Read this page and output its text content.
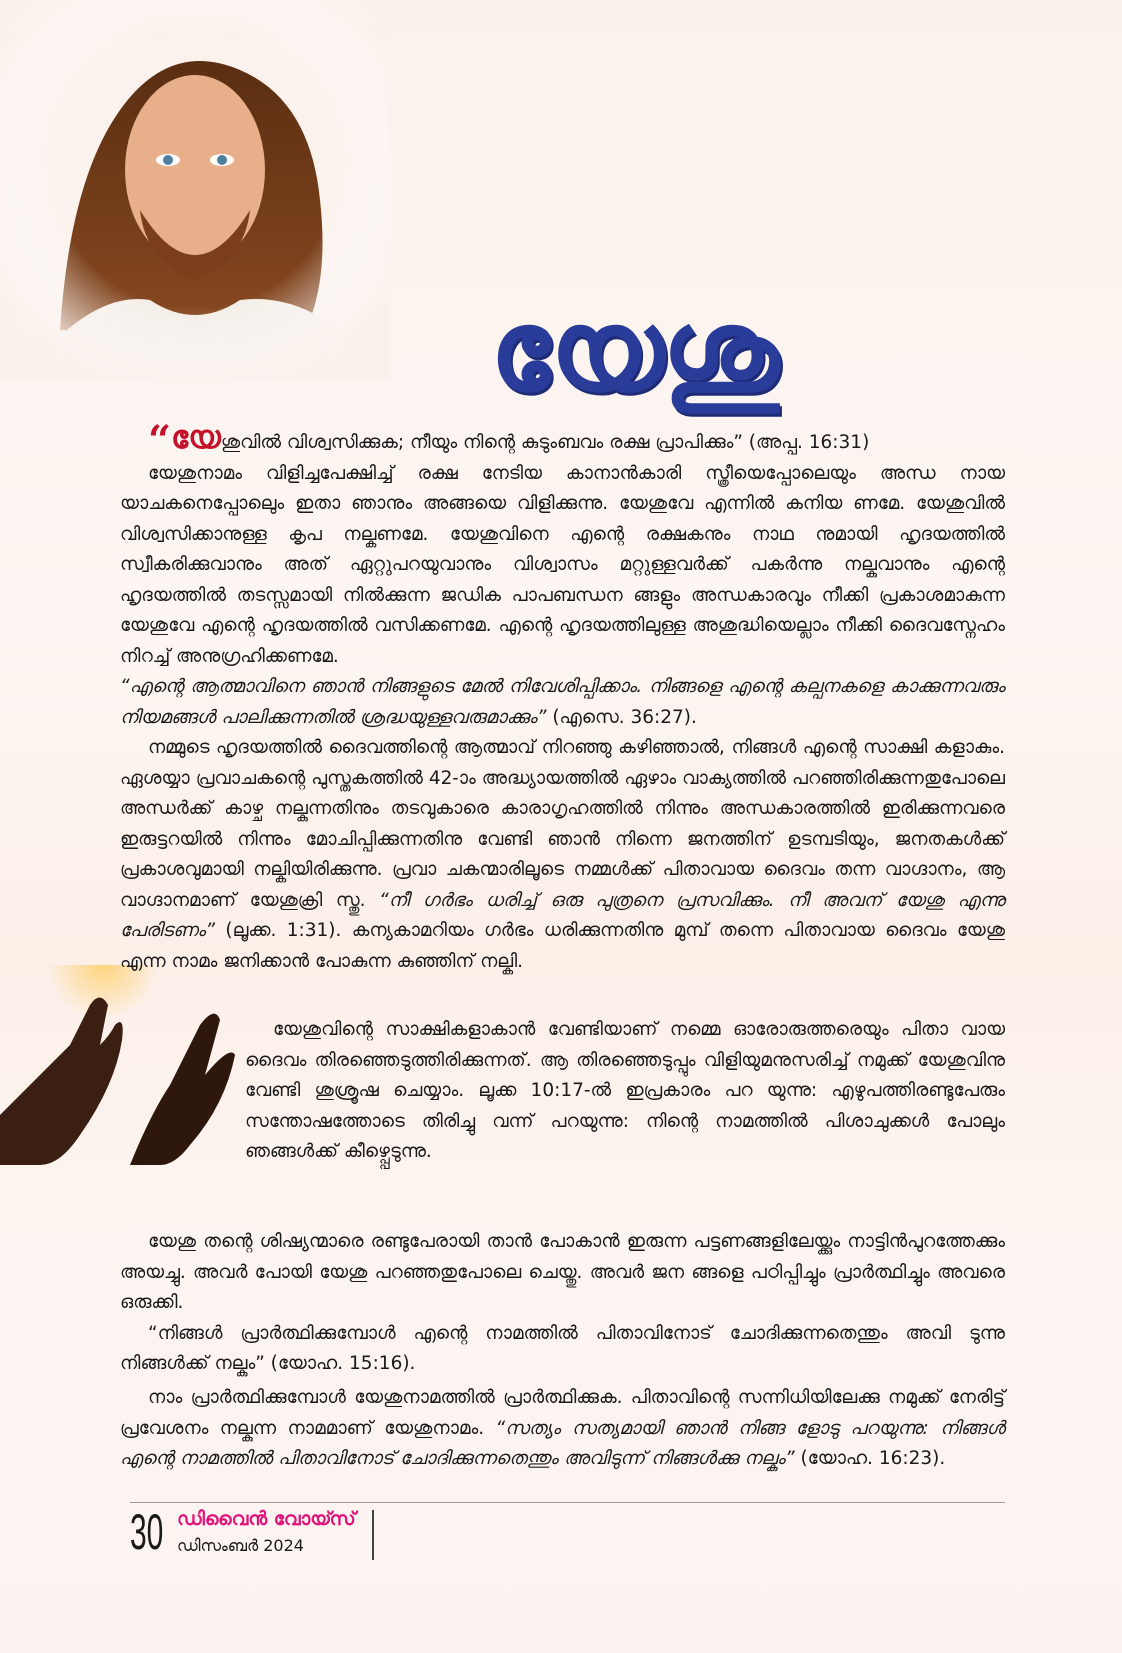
യേശു

“യേശുവിൽ വിശ്വസിക്കുക; നീയും നിന്റെ കുടുംബവം രക്ഷ പ്രാപിക്കും” (അപ്പ. 16:31)

യേശുനാമം വിളിച്ചപേക്ഷിച്ച് രക്ഷ നേടിയ കാനാൻകാരി സ്ത്രീയെപ്പോലെയും അന്ധ നായ യാചകനെപ്പോലെും ഇതാ ഞാനും അങ്ങയെ വിളിക്കുന്നു. യേശുവേ എന്നിൽ കനിയ ണമേ. യേശുവിൽ വിശ്വസിക്കാനുള്ള കൃപ നല്കണമേ. യേശുവിനെ എന്റെ രക്ഷകനും നാഥ നുമായി ഹൃദയത്തിൽ സ്വീകരിക്കുവാനും അത് ഏറ്റുപറയുവാനും വിശ്വാസം മറ്റുള്ളവർക്ക് പകർന്നു നല്കുവാനും എന്റെ ഹൃദയത്തിൽ തടസ്സമായി നിൽക്കുന്ന ജഡിക പാപബന്ധന ങ്ങളും അന്ധകാരവും നീക്കി പ്രകാശമാകുന്ന യേശുവേ എന്റെ ഹൃദയത്തിൽ വസിക്കണമേ. എന്റെ ഹൃദയത്തിലുള്ള അശുദ്ധിയെല്ലാം നീക്കി ദൈവസ്നേഹം നിറച്ച് അനുഗ്രഹിക്കണമേ.

“എന്റെ ആത്മാവിനെ ഞാൻ നിങ്ങളുടെ മേൽ നിവേശിപ്പിക്കാം. നിങ്ങളെ എന്റെ കല്പനകളെ കാക്കുന്നവരും നിയമങ്ങൾ പാലിക്കുന്നതിൽ ശ്രദ്ധയുള്ളവരുമാക്കും” (എസെ. 36:27).

നമ്മുടെ ഹൃദയത്തിൽ ദൈവത്തിന്റെ ആത്മാവ് നിറഞ്ഞു കഴിഞ്ഞാൽ, നിങ്ങൾ എന്റെ സാക്ഷി കളാകും. ഏശയ്യാ പ്രവാചകന്റെ പുസ്തകത്തിൽ 42-ാം അദ്ധ്യായത്തിൽ ഏഴാം വാക്യത്തിൽ പറഞ്ഞിരിക്കുന്നതുപോലെ അന്ധർക്ക് കാഴ്ച നല്കുന്നതിനും തടവുകാരെ കാരാഗൃഹത്തിൽ നിന്നും അന്ധകാരത്തിൽ ഇരിക്കുന്നവരെ ഇരുട്ടറയിൽ നിന്നും മോചിപ്പിക്കുന്നതിനു വേണ്ടി ഞാൻ നിന്നെ ജനത്തിന് ഉടമ്പടിയും, ജനതകൾക്ക് പ്രകാശവുമായി നല്കിയിരിക്കുന്നു. പ്രവാ ചകന്മാരിലൂടെ നമ്മൾക്ക് പിതാവായ ദൈവം തന്ന വാഗ്ദാനം, ആ വാഗ്ദാനമാണ് യേശുക്രി സ്തു. “നീ ഗർഭം ധരിച്ച് ഒരു പുത്രനെ പ്രസവിക്കും. നീ അവന് യേശു എന്നു പേരിടണം” (ലൂക്ക. 1:31). കന്യകാമറിയം ഗർഭം ധരിക്കുന്നതിനു മുമ്പ് തന്നെ പിതാവായ ദൈവം യേശു എന്ന നാമം ജനിക്കാൻ പോകുന്ന കുഞ്ഞിന് നല്കി.

യേശുവിന്റെ സാക്ഷികളാകാൻ വേണ്ടിയാണ് നമ്മെ ഓരോരുത്തരെയും പിതാ വായ ദൈവം തിരഞ്ഞെടുത്തിരിക്കുന്നത്. ആ തിരഞ്ഞെടുപ്പും വിളിയുമനുസരിച്ച് നമുക്ക് യേശുവിനു വേണ്ടി ശുശ്രൂഷ ചെയ്യാം. ലൂക്ക 10:17-ൽ ഇപ്രകാരം പറ യുന്നു: എഴുപത്തിരണ്ടുപേരും സന്തോഷത്തോടെ തിരിച്ചു വന്ന് പറയുന്നു: നിന്റെ നാമത്തിൽ പിശാചുക്കൾ പോലും ഞങ്ങൾക്ക് കീഴ്പ്പെടുന്നു.

യേശു തന്റെ ശിഷ്യന്മാരെ രണ്ടുപേരായി താൻ പോകാൻ ഇരുന്ന പട്ടണങ്ങളിലേയ്ക്കും നാട്ടിൻപുറത്തേക്കും അയച്ചു. അവർ പോയി യേശു പറഞ്ഞതുപോലെ ചെയ്തു. അവർ ജന ങ്ങളെ പഠിപ്പിച്ചും പ്രാർത്ഥിച്ചും അവരെ ഒരുക്കി.

“നിങ്ങൾ പ്രാർത്ഥിക്കുമ്പോൾ എന്റെ നാമത്തിൽ പിതാവിനോട് ചോദിക്കുന്നതെന്തും അവി ടുന്നു നിങ്ങൾക്ക് നല്കും” (യോഹ. 15:16).

നാം പ്രാർത്ഥിക്കുമ്പോൾ യേശുനാമത്തിൽ പ്രാർത്ഥിക്കുക. പിതാവിന്റെ സന്നിധിയിലേക്കു നമുക്ക് നേരിട്ട് പ്രവേശനം നല്കുന്ന നാമമാണ് യേശുനാമം. “സത്യം സത്യമായി ഞാൻ നിങ്ങ ളോടു പറയുന്നു: നിങ്ങൾ എന്റെ നാമത്തിൽ പിതാവിനോട് ചോദിക്കുന്നതെന്തും അവിടുന്ന് നിങ്ങൾക്കു നല്കും” (യോഹ. 16:23).

30 ഡിവൈൻ വോയ്സ്
ഡിസംബർ 2024
